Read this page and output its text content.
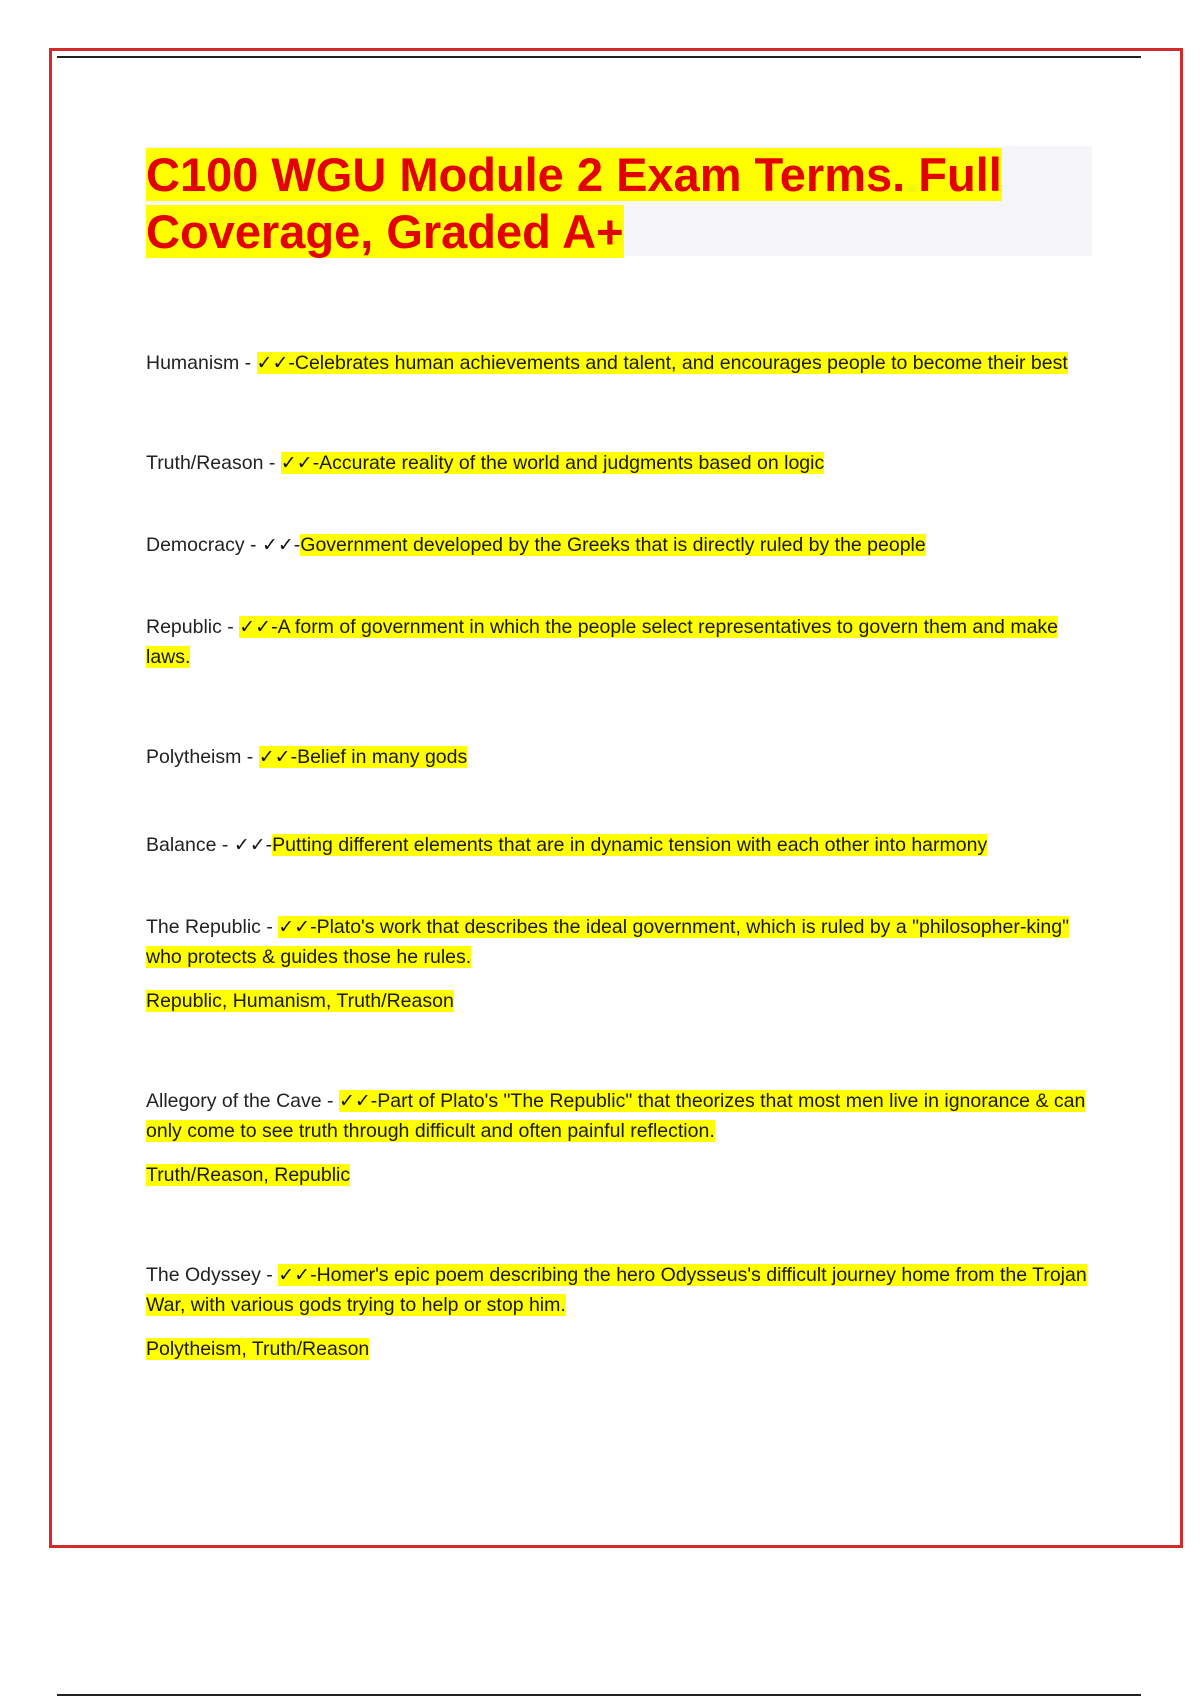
C100 WGU Module 2 Exam Terms. Full Coverage, Graded A+

Humanism - ✓✓-Celebrates human achievements and talent, and encourages people to become their best

Truth/Reason - ✓✓-Accurate reality of the world and judgments based on logic

Democracy - ✓✓-Government developed by the Greeks that is directly ruled by the people

Republic - ✓✓-A form of government in which the people select representatives to govern them and make laws.

Polytheism - ✓✓-Belief in many gods

Balance - ✓✓-Putting different elements that are in dynamic tension with each other into harmony

The Republic - ✓✓-Plato's work that describes the ideal government, which is ruled by a "philosopher-king" who protects & guides those he rules.

Republic, Humanism, Truth/Reason

Allegory of the Cave - ✓✓-Part of Plato's "The Republic" that theorizes that most men live in ignorance & can only come to see truth through difficult and often painful reflection.

Truth/Reason, Republic

The Odyssey - ✓✓-Homer's epic poem describing the hero Odysseus's difficult journey home from the Trojan War, with various gods trying to help or stop him.

Polytheism, Truth/Reason
